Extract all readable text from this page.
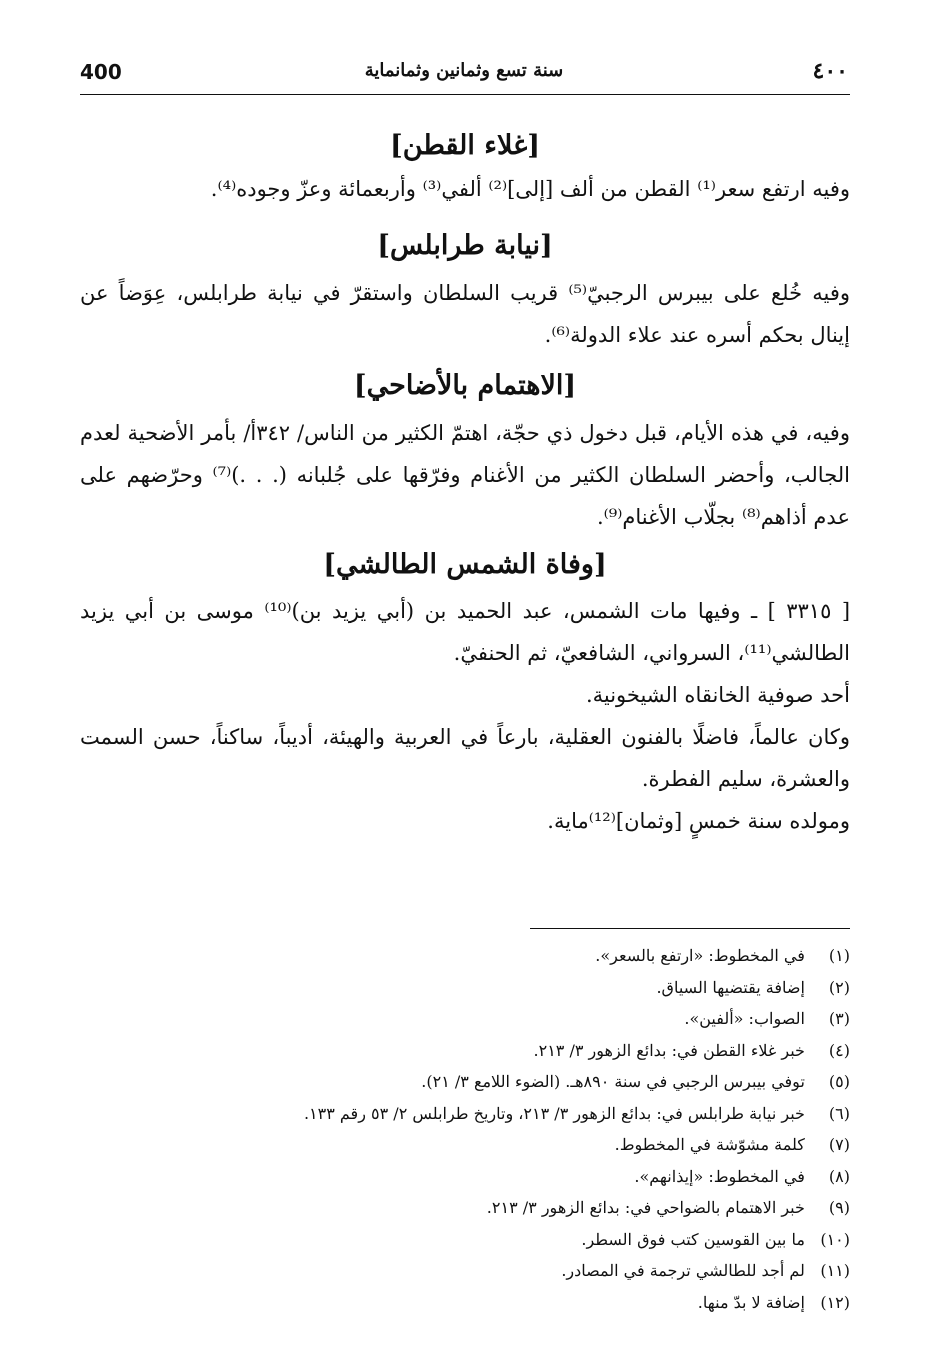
400	سنة تسع وثمانين وثمانماية	٤٠٠
[غلاء القطن]

وفيه ارتفع سعر⁽¹⁾ القطن من ألف [إلى]⁽²⁾ ألفي⁽³⁾ وأربعمائة وعزّ وجوده⁽⁴⁾.

[نيابة طرابلس]

وفيه خُلع على بيبرس الرجبيّ⁽⁵⁾ قريب السلطان واستقرّ في نيابة طرابلس، عِوَضاً عن إينال بحكم أسره عند علاء الدولة⁽⁶⁾.

[الاهتمام بالأضاحي]

وفيه، في هذه الأيام، قبل دخول ذي حجّة، اهتمّ الكثير من الناس/ ٣٤٢أ/ بأمر الأضحية لعدم الجالب، وأحضر السلطان الكثير من الأغنام وفرّقها على جُلبانه (. . .)⁽⁷⁾ وحرّضهم على عدم أذاهم⁽⁸⁾ بجلّاب الأغنام⁽⁹⁾.

[وفاة الشمس الطالشي]

[ ٣٣١٥ ] ـ وفيها مات الشمس، عبد الحميد بن (أبي يزيد بن)⁽¹⁰⁾ موسى بن أبي يزيد الطالشي⁽¹¹⁾، السرواني، الشافعيّ، ثم الحنفيّ.

أحد صوفية الخانقاه الشيخونية.

وكان عالماً، فاضلًا بالفنون العقلية، بارعاً في العربية والهيئة، أديباً، ساكناً، حسن السمت والعشرة، سليم الفطرة.

ومولده سنة خمسٍ [وثمان]⁽¹²⁾ماية.

(١) في المخطوط: «ارتفع بالسعر».
(٢) إضافة يقتضيها السياق.
(٣) الصواب: «ألفين».
(٤) خبر غلاء القطن في: بدائع الزهور ٣/ ٢١٣.
(٥) توفي بيبرس الرجبي في سنة ٨٩٠هـ. (الضوء اللامع ٣/ ٢١).
(٦) خبر نيابة طرابلس في: بدائع الزهور ٣/ ٢١٣، وتاريخ طرابلس ٢/ ٥٣ رقم ١٣٣.
(٧) كلمة مشوّشة في المخطوط.
(٨) في المخطوط: «إيذانهم».
(٩) خبر الاهتمام بالضواحي في: بدائع الزهور ٣/ ٢١٣.
(١٠) ما بين القوسين كتب فوق السطر.
(١١) لم أجد للطالشي ترجمة في المصادر.
(١٢) إضافة لا بدّ منها.
